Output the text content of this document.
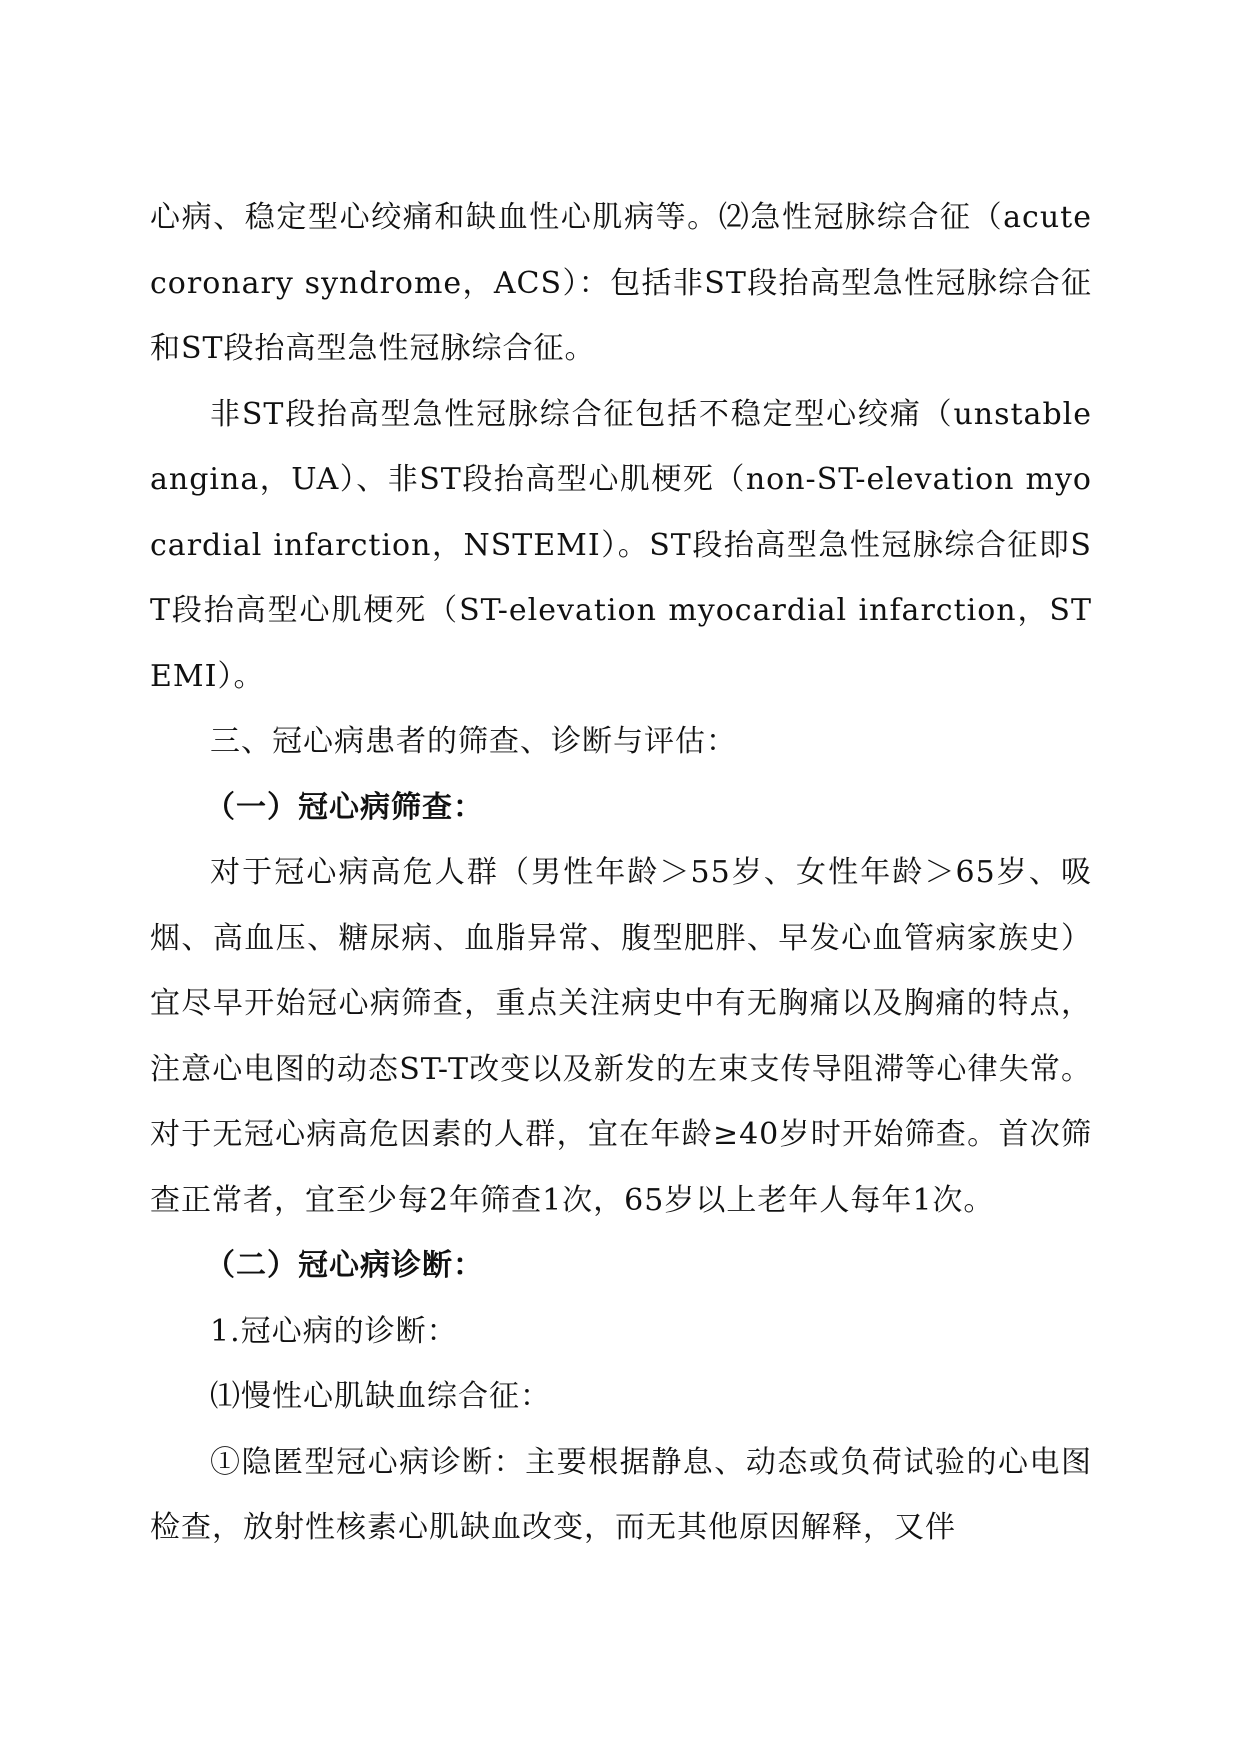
心病、稳定型心绞痛和缺血性心肌病等。⑵急性冠脉综合征（acute coronary syndrome，ACS）：包括非ST段抬高型急性冠脉综合征和ST段抬高型急性冠脉综合征。

非ST段抬高型急性冠脉综合征包括不稳定型心绞痛（unstable angina，UA）、非ST段抬高型心肌梗死（non-ST-elevation myocardial infarction，NSTEMI）。ST段抬高型急性冠脉综合征即ST段抬高型心肌梗死（ST-elevation myocardial infarction，STEMI）。

三、冠心病患者的筛查、诊断与评估：

（一）冠心病筛查：

对于冠心病高危人群（男性年龄＞55岁、女性年龄＞65岁、吸烟、高血压、糖尿病、血脂异常、腹型肥胖、早发心血管病家族史）宜尽早开始冠心病筛查，重点关注病史中有无胸痛以及胸痛的特点，注意心电图的动态ST-T改变以及新发的左束支传导阻滞等心律失常。对于无冠心病高危因素的人群，宜在年龄≥40岁时开始筛查。首次筛查正常者，宜至少每2年筛查1次，65岁以上老年人每年1次。

（二）冠心病诊断：

1.冠心病的诊断：

⑴慢性心肌缺血综合征：

①隐匿型冠心病诊断：主要根据静息、动态或负荷试验的心电图检查，放射性核素心肌缺血改变，而无其他原因解释，又伴
